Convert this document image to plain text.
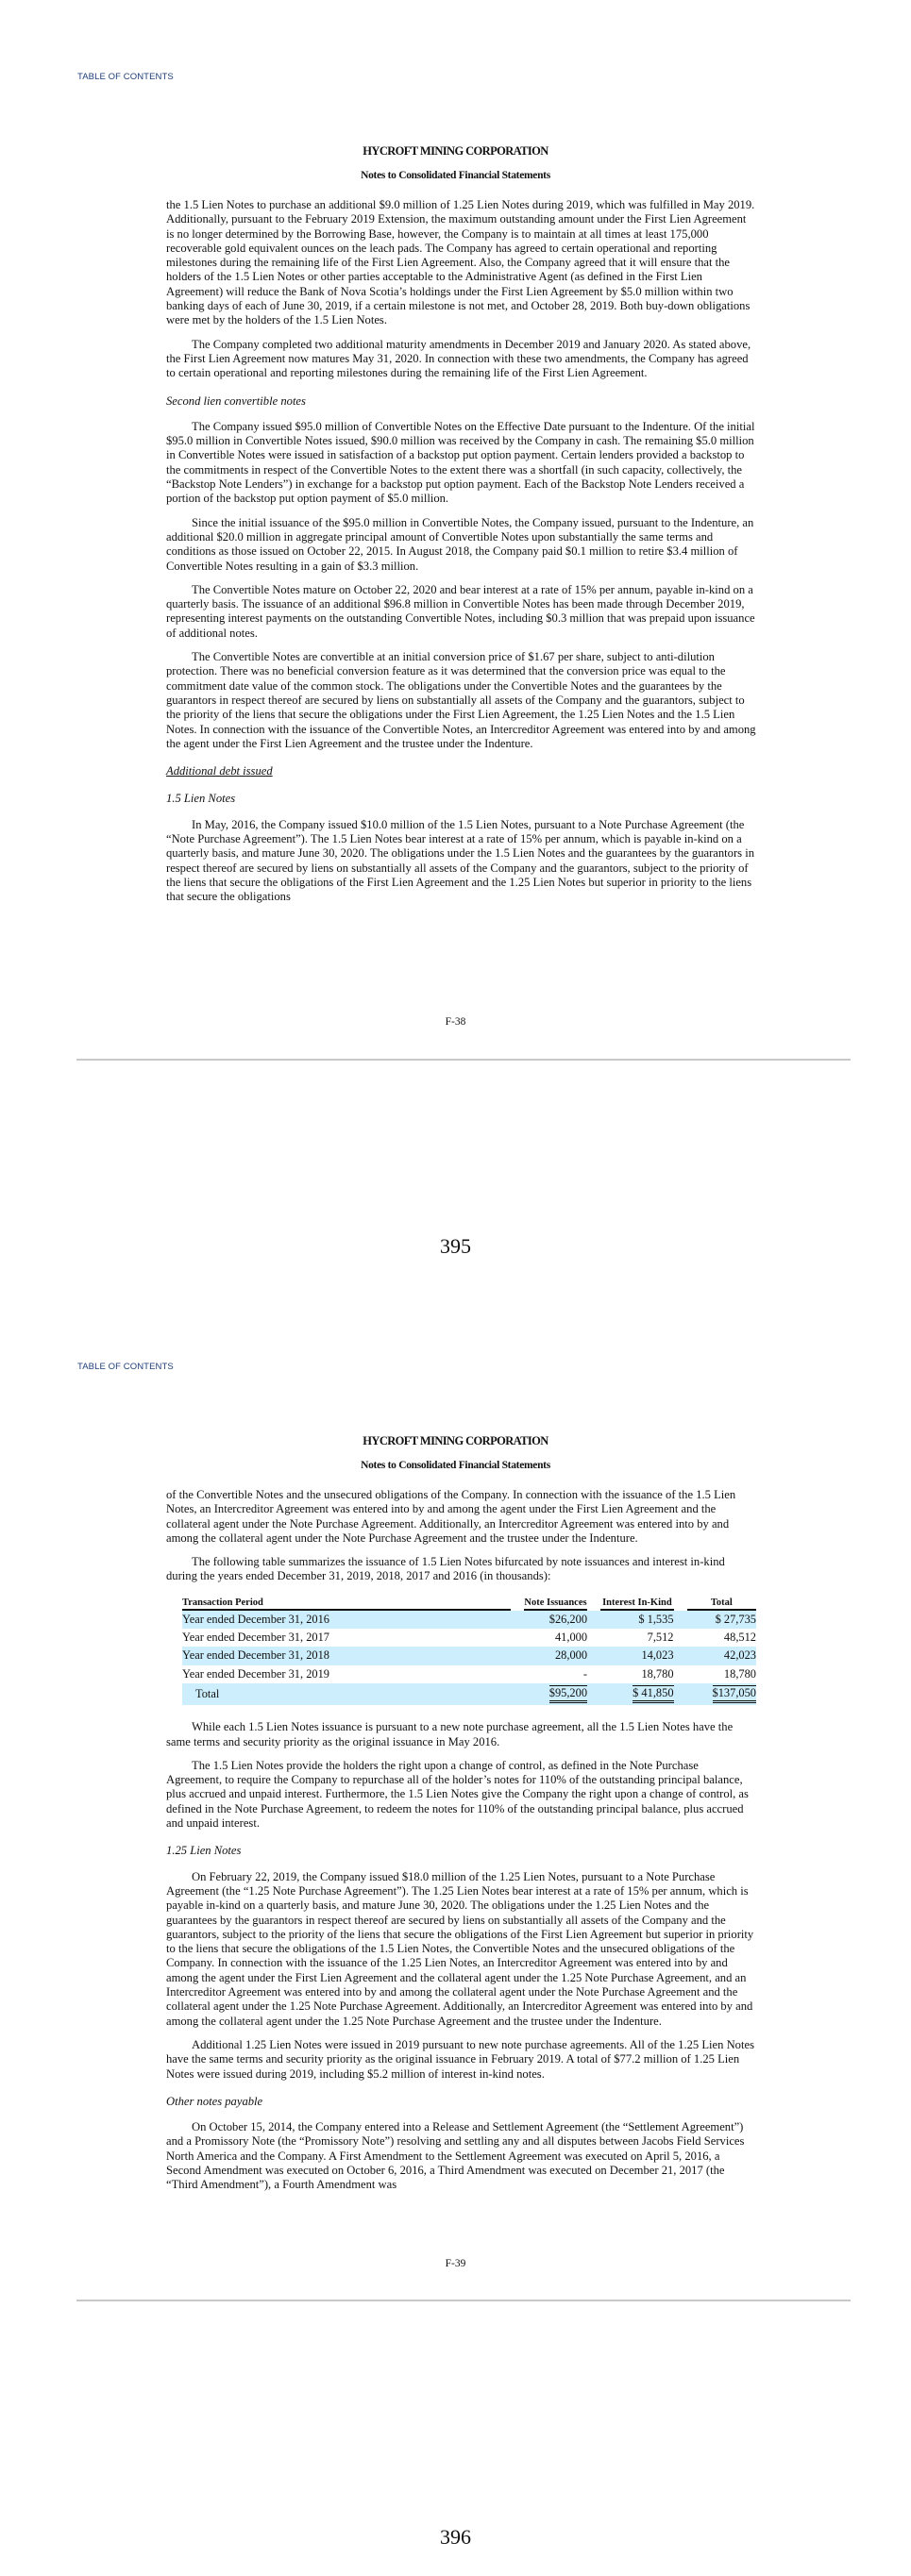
TABLE OF CONTENTS
HYCROFT MINING CORPORATION
Notes to Consolidated Financial Statements

the 1.5 Lien Notes to purchase an additional $9.0 million of 1.25 Lien Notes during 2019, which was fulfilled in May 2019. Additionally, pursuant to the February 2019 Extension, the maximum outstanding amount under the First Lien Agreement is no longer determined by the Borrowing Base, however, the Company is to maintain at all times at least 175,000 recoverable gold equivalent ounces on the leach pads. The Company has agreed to certain operational and reporting milestones during the remaining life of the First Lien Agreement. Also, the Company agreed that it will ensure that the holders of the 1.5 Lien Notes or other parties acceptable to the Administrative Agent (as defined in the First Lien Agreement) will reduce the Bank of Nova Scotia’s holdings under the First Lien Agreement by $5.0 million within two banking days of each of June 30, 2019, if a certain milestone is not met, and October 28, 2019. Both buy-down obligations were met by the holders of the 1.5 Lien Notes.

The Company completed two additional maturity amendments in December 2019 and January 2020. As stated above, the First Lien Agreement now matures May 31, 2020. In connection with these two amendments, the Company has agreed to certain operational and reporting milestones during the remaining life of the First Lien Agreement.

Second lien convertible notes

The Company issued $95.0 million of Convertible Notes on the Effective Date pursuant to the Indenture. Of the initial $95.0 million in Convertible Notes issued, $90.0 million was received by the Company in cash. The remaining $5.0 million in Convertible Notes were issued in satisfaction of a backstop put option payment. Certain lenders provided a backstop to the commitments in respect of the Convertible Notes to the extent there was a shortfall (in such capacity, collectively, the “Backstop Note Lenders”) in exchange for a backstop put option payment. Each of the Backstop Note Lenders received a portion of the backstop put option payment of $5.0 million.

Since the initial issuance of the $95.0 million in Convertible Notes, the Company issued, pursuant to the Indenture, an additional $20.0 million in aggregate principal amount of Convertible Notes upon substantially the same terms and conditions as those issued on October 22, 2015. In August 2018, the Company paid $0.1 million to retire $3.4 million of Convertible Notes resulting in a gain of $3.3 million.

The Convertible Notes mature on October 22, 2020 and bear interest at a rate of 15% per annum, payable in-kind on a quarterly basis. The issuance of an additional $96.8 million in Convertible Notes has been made through December 2019, representing interest payments on the outstanding Convertible Notes, including $0.3 million that was prepaid upon issuance of additional notes.

The Convertible Notes are convertible at an initial conversion price of $1.67 per share, subject to anti-dilution protection. There was no beneficial conversion feature as it was determined that the conversion price was equal to the commitment date value of the common stock. The obligations under the Convertible Notes and the guarantees by the guarantors in respect thereof are secured by liens on substantially all assets of the Company and the guarantors, subject to the priority of the liens that secure the obligations under the First Lien Agreement, the 1.25 Lien Notes and the 1.5 Lien Notes. In connection with the issuance of the Convertible Notes, an Intercreditor Agreement was entered into by and among the agent under the First Lien Agreement and the trustee under the Indenture.

Additional debt issued

1.5 Lien Notes

In May, 2016, the Company issued $10.0 million of the 1.5 Lien Notes, pursuant to a Note Purchase Agreement (the “Note Purchase Agreement”). The 1.5 Lien Notes bear interest at a rate of 15% per annum, which is payable in-kind on a quarterly basis, and mature June 30, 2020. The obligations under the 1.5 Lien Notes and the guarantees by the guarantors in respect thereof are secured by liens on substantially all assets of the Company and the guarantors, subject to the priority of the liens that secure the obligations of the First Lien Agreement and the 1.25 Lien Notes but superior in priority to the liens that secure the obligations

F-38
395
TABLE OF CONTENTS
HYCROFT MINING CORPORATION
Notes to Consolidated Financial Statements

of the Convertible Notes and the unsecured obligations of the Company. In connection with the issuance of the 1.5 Lien Notes, an Intercreditor Agreement was entered into by and among the agent under the First Lien Agreement and the collateral agent under the Note Purchase Agreement. Additionally, an Intercreditor Agreement was entered into by and among the collateral agent under the Note Purchase Agreement and the trustee under the Indenture.

The following table summarizes the issuance of 1.5 Lien Notes bifurcated by note issuances and interest in-kind during the years ended December 31, 2019, 2018, 2017 and 2016 (in thousands):

Transaction Period		Note Issuances		Interest In-Kind		Total
Year ended December 31, 2016		$26,200		$ 1,535		$ 27,735
Year ended December 31, 2017		41,000		7,512		48,512
Year ended December 31, 2018		28,000		14,023		42,023
Year ended December 31, 2019		-		18,780		18,780
Total		$95,200		$ 41,850		$137,050

While each 1.5 Lien Notes issuance is pursuant to a new note purchase agreement, all the 1.5 Lien Notes have the same terms and security priority as the original issuance in May 2016.

The 1.5 Lien Notes provide the holders the right upon a change of control, as defined in the Note Purchase Agreement, to require the Company to repurchase all of the holder’s notes for 110% of the outstanding principal balance, plus accrued and unpaid interest. Furthermore, the 1.5 Lien Notes give the Company the right upon a change of control, as defined in the Note Purchase Agreement, to redeem the notes for 110% of the outstanding principal balance, plus accrued and unpaid interest.

1.25 Lien Notes

On February 22, 2019, the Company issued $18.0 million of the 1.25 Lien Notes, pursuant to a Note Purchase Agreement (the “1.25 Note Purchase Agreement”). The 1.25 Lien Notes bear interest at a rate of 15% per annum, which is payable in-kind on a quarterly basis, and mature June 30, 2020. The obligations under the 1.25 Lien Notes and the guarantees by the guarantors in respect thereof are secured by liens on substantially all assets of the Company and the guarantors, subject to the priority of the liens that secure the obligations of the First Lien Agreement but superior in priority to the liens that secure the obligations of the 1.5 Lien Notes, the Convertible Notes and the unsecured obligations of the Company. In connection with the issuance of the 1.25 Lien Notes, an Intercreditor Agreement was entered into by and among the agent under the First Lien Agreement and the collateral agent under the 1.25 Note Purchase Agreement, and an Intercreditor Agreement was entered into by and among the collateral agent under the Note Purchase Agreement and the collateral agent under the 1.25 Note Purchase Agreement. Additionally, an Intercreditor Agreement was entered into by and among the collateral agent under the 1.25 Note Purchase Agreement and the trustee under the Indenture.

Additional 1.25 Lien Notes were issued in 2019 pursuant to new note purchase agreements. All of the 1.25 Lien Notes have the same terms and security priority as the original issuance in February 2019. A total of $77.2 million of 1.25 Lien Notes were issued during 2019, including $5.2 million of interest in-kind notes.

Other notes payable

On October 15, 2014, the Company entered into a Release and Settlement Agreement (the “Settlement Agreement”) and a Promissory Note (the “Promissory Note”) resolving and settling any and all disputes between Jacobs Field Services North America and the Company. A First Amendment to the Settlement Agreement was executed on April 5, 2016, a Second Amendment was executed on October 6, 2016, a Third Amendment was executed on December 21, 2017 (the “Third Amendment”), a Fourth Amendment was

F-39
396
